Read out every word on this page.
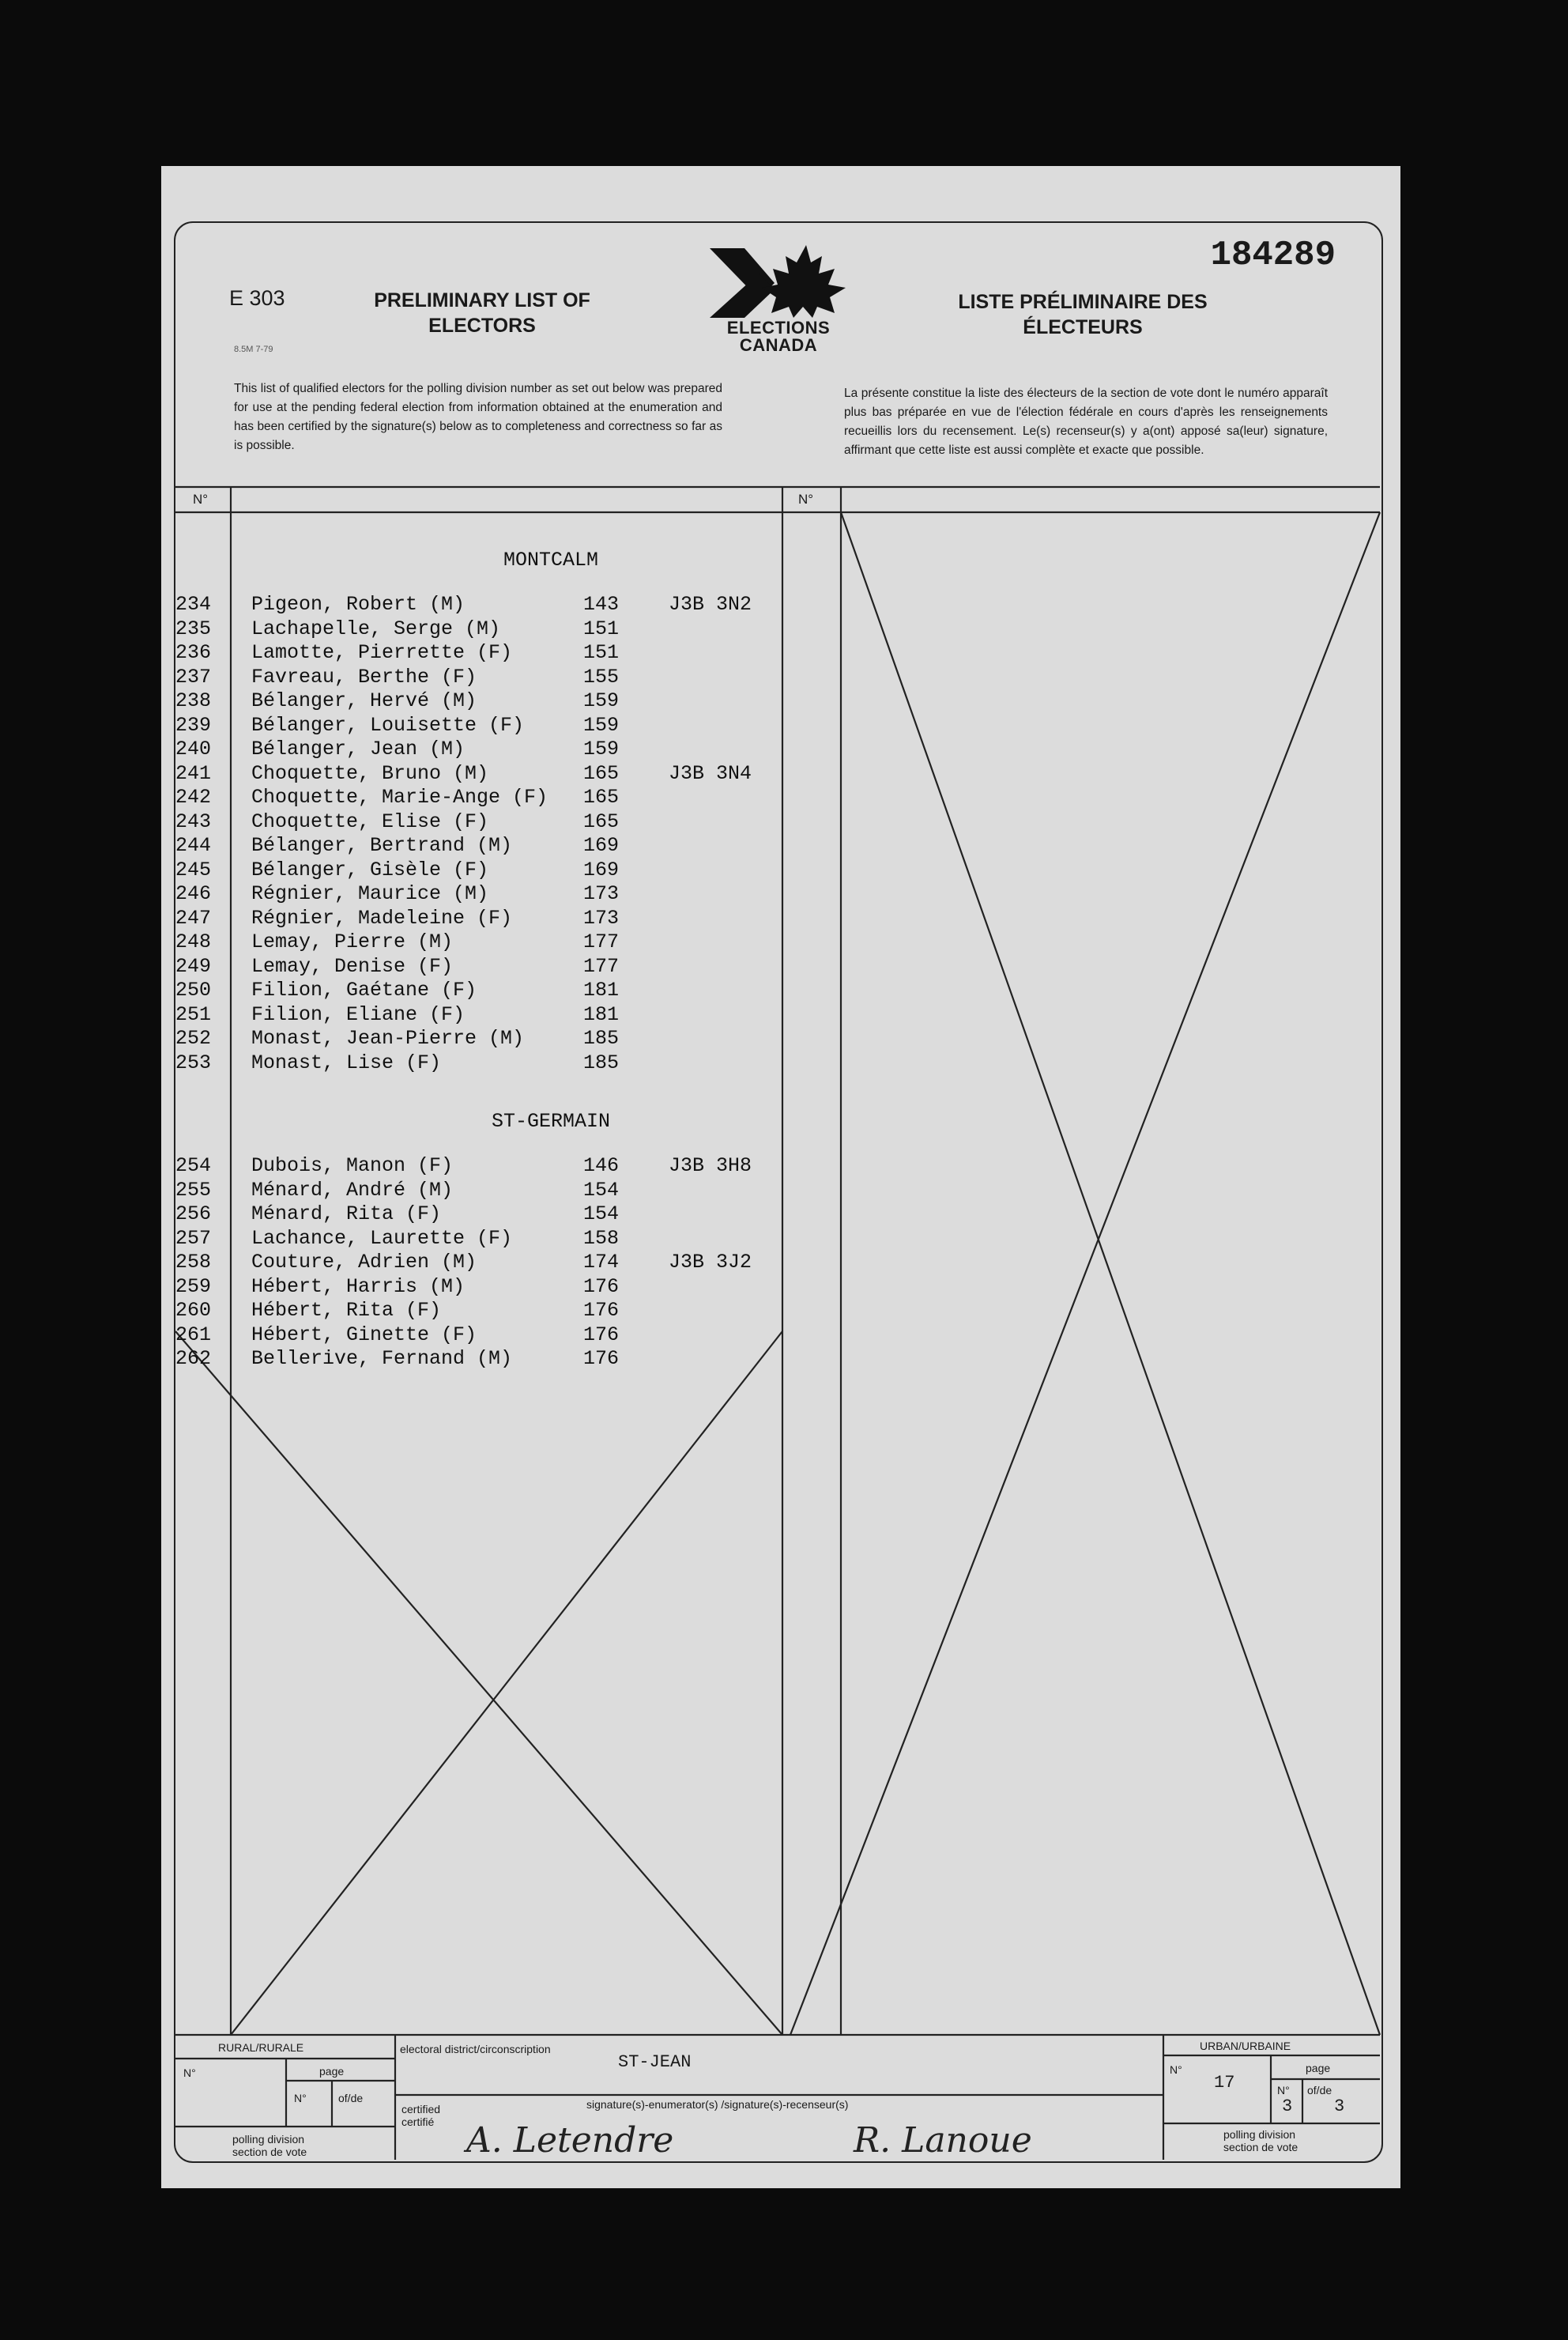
E 303
8.5M 7-79
PRELIMINARY LIST OF
ELECTORS
LISTE PRÉLIMINAIRE DES
ÉLECTEURS
184289
ELECTIONS
CANADA
This list of qualified electors for the polling division number as set out below was prepared for use at the pending federal election from information obtained at the enumeration and has been certified by the signature(s) below as to completeness and correctness so far as is possible.
La présente constitue la liste des électeurs de la section de vote dont le numéro apparaît plus bas préparée en vue de l'élection fédérale en cours d'après les renseignements recueillis lors du recensement. Le(s) recenseur(s) y a(ont) apposé sa(leur) signature, affirmant que cette liste est aussi complète et exacte que possible.
N°	N°
MONTCALM
234 Pigeon, Robert (M)	143	J3B 3N2
235 Lachapelle, Serge (M)	151
236 Lamotte, Pierrette (F)	151
237 Favreau, Berthe (F)	155
238 Bélanger, Hervé (M)	159
239 Bélanger, Louisette (F)	159
240 Bélanger, Jean (M)	159
241 Choquette, Bruno (M)	165	J3B 3N4
242 Choquette, Marie-Ange (F) 165
243 Choquette, Elise (F)	165
244 Bélanger, Bertrand (M)	169
245 Bélanger, Gisèle (F)	169
246 Régnier, Maurice (M)	173
247 Régnier, Madeleine (F)	173
248 Lemay, Pierre (M)	177
249 Lemay, Denise (F)	177
250 Filion, Gaétane (F)	181
251 Filion, Eliane (F)	181
252 Monast, Jean-Pierre (M)	185
253 Monast, Lise (F)	185
ST-GERMAIN
254 Dubois, Manon (F)	146	J3B 3H8
255 Ménard, André (M)	154
256 Ménard, Rita (F)	154
257 Lachance, Laurette (F)	158
258 Couture, Adrien (M)	174	J3B 3J2
259 Hébert, Harris (M)	176
260 Hébert, Rita (F)	176
261 Hébert, Ginette (F)	176
262 Bellerive, Fernand (M)	176
RURAL/RURALE
N°	page
N°	of/de
polling division
section de vote
electoral district/circonscription
ST-JEAN
certified
certifié
signature(s)-enumerator(s) /signature(s)-recenseur(s)
A. Letendre	R. Lanoue
URBAN/URBAINE
N°
17
page
N° of/de
3 3
polling division
section de vote
